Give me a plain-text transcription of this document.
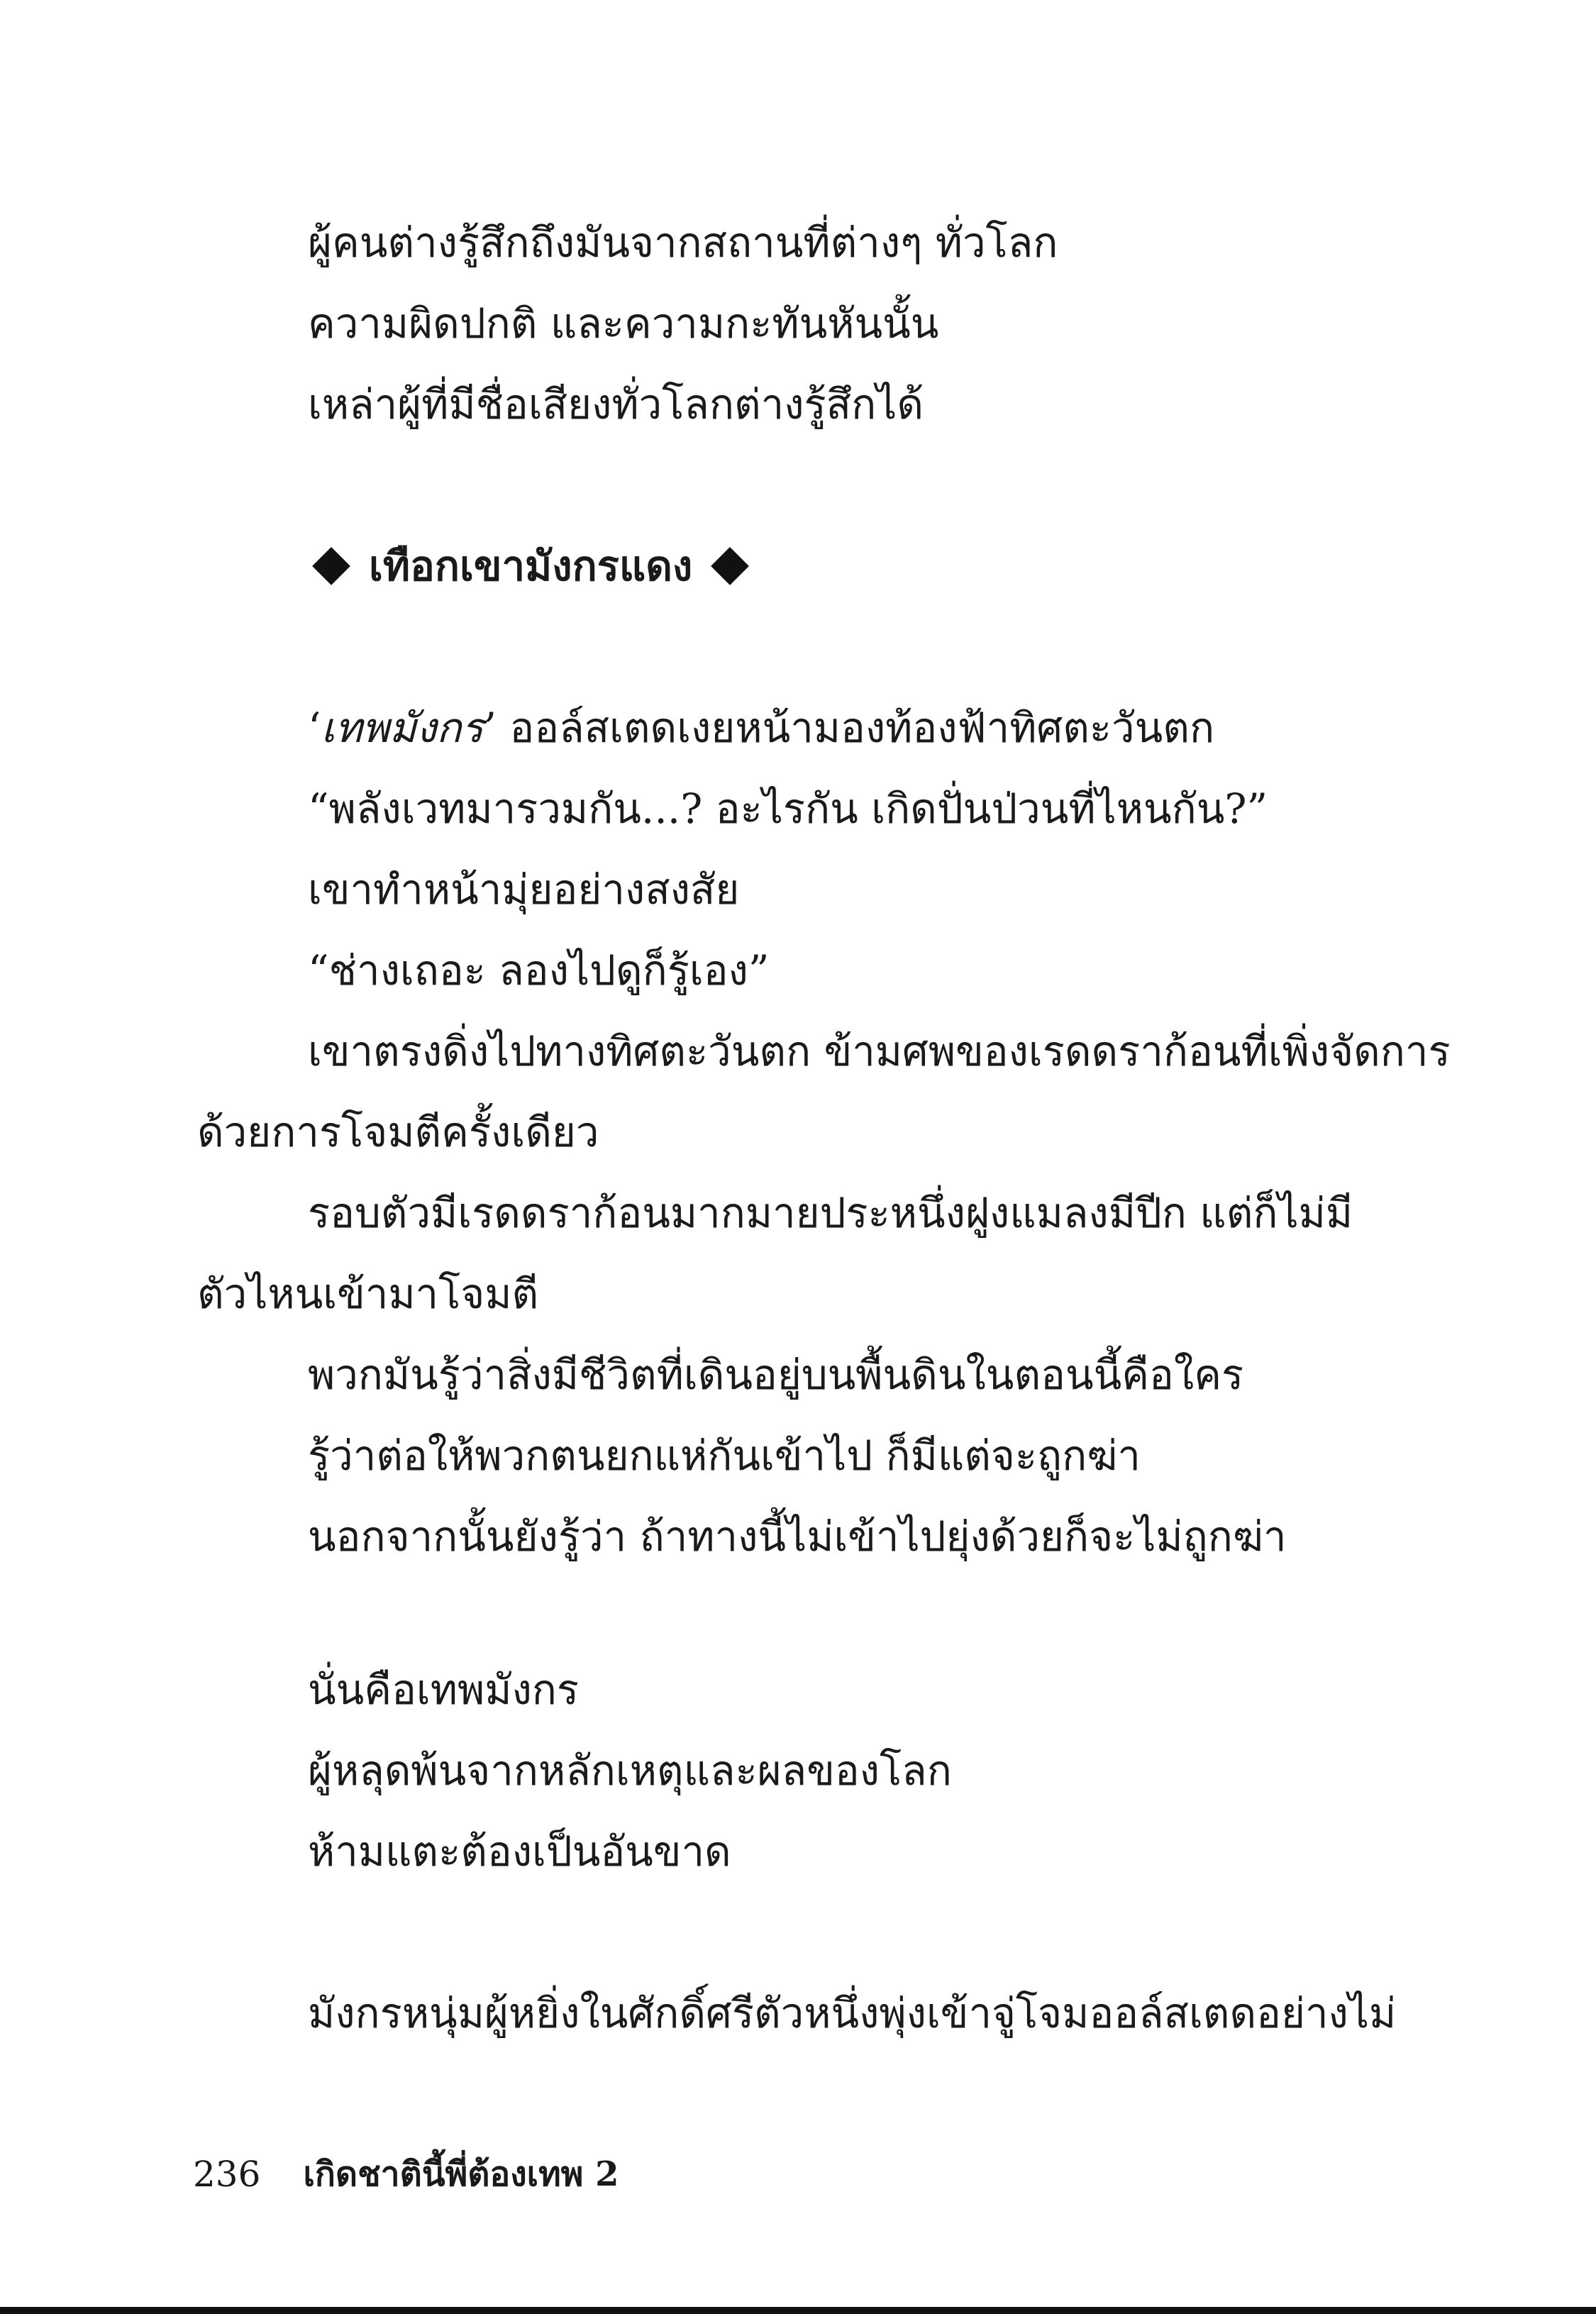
ผู้คนต่างรู้สึกถึงมันจากสถานที่ต่างๆ ทั่วโลก
ความผิดปกติ และความกะทันหันนั้น
เหล่าผู้ที่มีชื่อเสียงทั่วโลกต่างรู้สึกได้
เทือกเขามังกรแดง
‘เทพมังกร’ ออล์สเตดเงยหน้ามองท้องฟ้าทิศตะวันตก
“พลังเวทมารวมกัน...? อะไรกัน เกิดปั่นป่วนที่ไหนกัน?”
เขาทำหน้ามุ่ยอย่างสงสัย
“ช่างเถอะ ลองไปดูก็รู้เอง”
เขาตรงดิ่งไปทางทิศตะวันตก ข้ามศพของเรดดราก้อนที่เพิ่งจัดการ
ด้วยการโจมตีครั้งเดียว
รอบตัวมีเรดดราก้อนมากมายประหนึ่งฝูงแมลงมีปีก แต่ก็ไม่มี
ตัวไหนเข้ามาโจมตี
พวกมันรู้ว่าสิ่งมีชีวิตที่เดินอยู่บนพื้นดินในตอนนี้คือใคร
รู้ว่าต่อให้พวกตนยกแห่กันเข้าไป ก็มีแต่จะถูกฆ่า
นอกจากนั้นยังรู้ว่า ถ้าทางนี้ไม่เข้าไปยุ่งด้วยก็จะไม่ถูกฆ่า
นั่นคือเทพมังกร
ผู้หลุดพ้นจากหลักเหตุและผลของโลก
ห้ามแตะต้องเป็นอันขาด
มังกรหนุ่มผู้หยิ่งในศักดิ์ศรีตัวหนึ่งพุ่งเข้าจู่โจมออล์สเตดอย่างไม่
236 เกิดชาตินี้พี่ต้องเทพ 2
